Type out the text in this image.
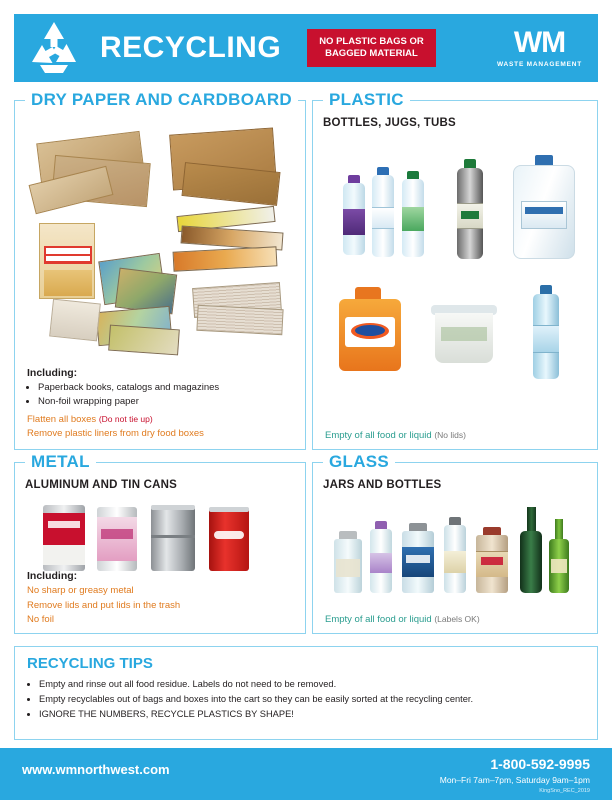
RECYCLING	NO PLASTIC BAGS OR
BAGGED MATERIAL	WM
WASTE MANAGEMENT
DRY PAPER AND CARDBOARD
Including:
• Paperback books, catalogs and magazines
• Non-foil wrapping paper
Flatten all boxes (Do not tie up)
Remove plastic liners from dry food boxes
PLASTIC
BOTTLES, JUGS, TUBS
Empty of all food or liquid (No lids)
METAL
ALUMINUM AND TIN CANS
Including:
No sharp or greasy metal
Remove lids and put lids in the trash
No foil
GLASS
JARS AND BOTTLES
Empty of all food or liquid (Labels OK)
RECYCLING TIPS
• Empty and rinse out all food residue. Labels do not need to be removed.
• Empty recyclables out of bags and boxes into the cart so they can be easily sorted at the recycling center.
• IGNORE THE NUMBERS, RECYCLE PLASTICS BY SHAPE!
www.wmnorthwest.com	1-800-592-9995
Mon–Fri 7am–7pm, Saturday 9am–1pm
KingSno_REC_2019
